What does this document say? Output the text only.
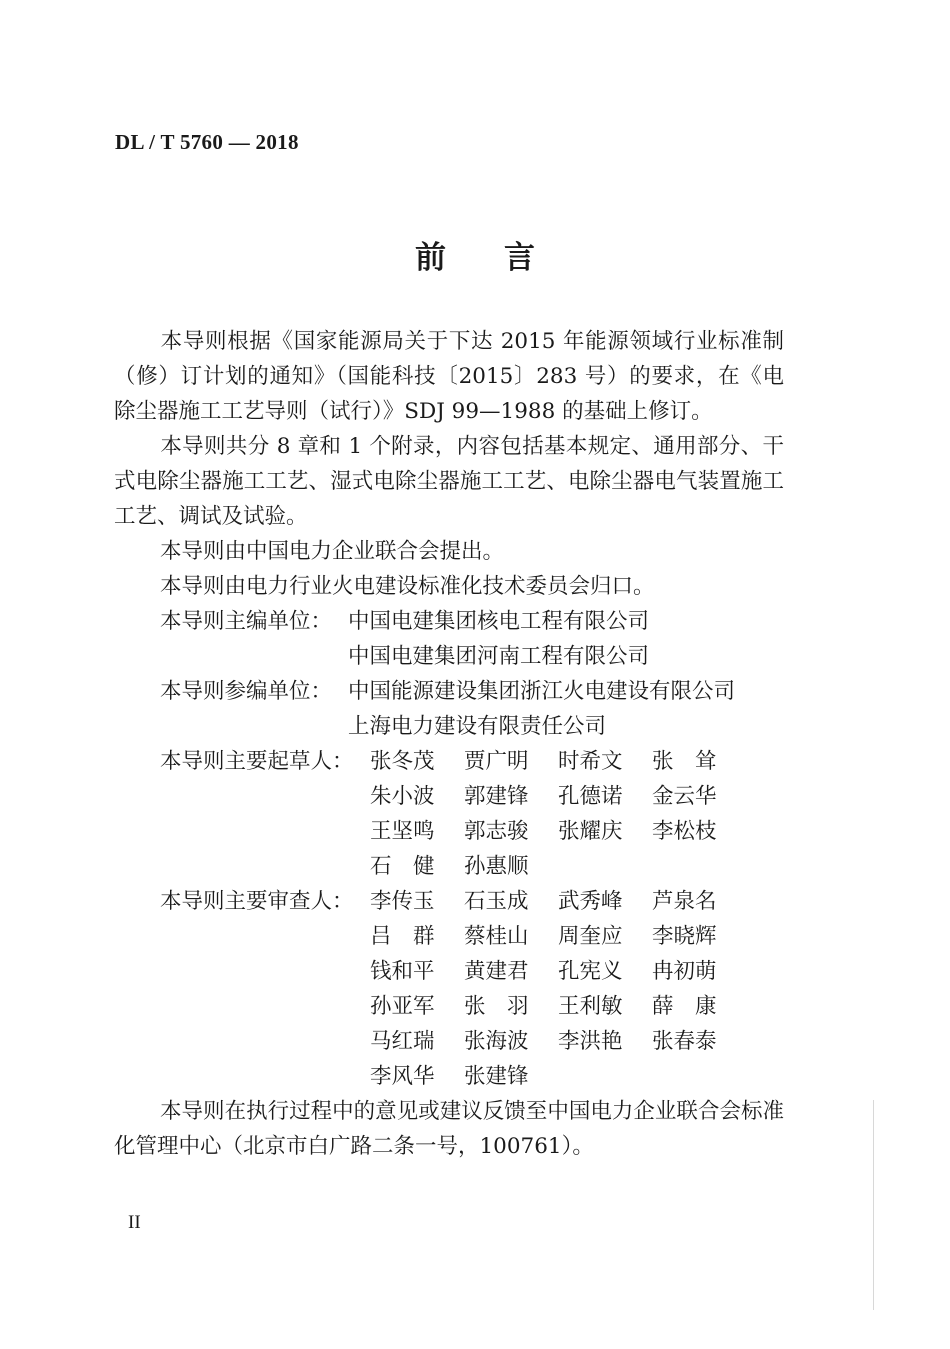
DL / T 5760 — 2018
前 言

本导则根据《国家能源局关于下达 2015 年能源领域行业标准制（修）订计划的通知》（国能科技〔2015〕283 号）的要求，在《电除尘器施工工艺导则（试行）》SDJ 99—1988 的基础上修订。

本导则共分 8 章和 1 个附录，内容包括基本规定、通用部分、干式电除尘器施工工艺、湿式电除尘器施工工艺、电除尘器电气装置施工工艺、调试及试验。

本导则由中国电力企业联合会提出。
本导则由电力行业火电建设标准化技术委员会归口。
本导则主编单位： 中国电建集团核电工程有限公司
中国电建集团河南工程有限公司
本导则参编单位： 中国能源建设集团浙江火电建设有限公司
上海电力建设有限责任公司
本导则主要起草人： 张冬茂 贾广明 时希文 张　耸
朱小波 郭建锋 孔德诺 金云华
王坚鸣 郭志骏 张耀庆 李松枝
石　健 孙惠顺
本导则主要审查人： 李传玉 石玉成 武秀峰 芦泉名
吕　群 蔡桂山 周奎应 李晓辉
钱和平 黄建君 孔宪义 冉初萌
孙亚军 张　羽 王利敏 薛　康
马红瑞 张海波 李洪艳 张春泰
李风华 张建锋

本导则在执行过程中的意见或建议反馈至中国电力企业联合会标准化管理中心（北京市白广路二条一号，100761）。

II
